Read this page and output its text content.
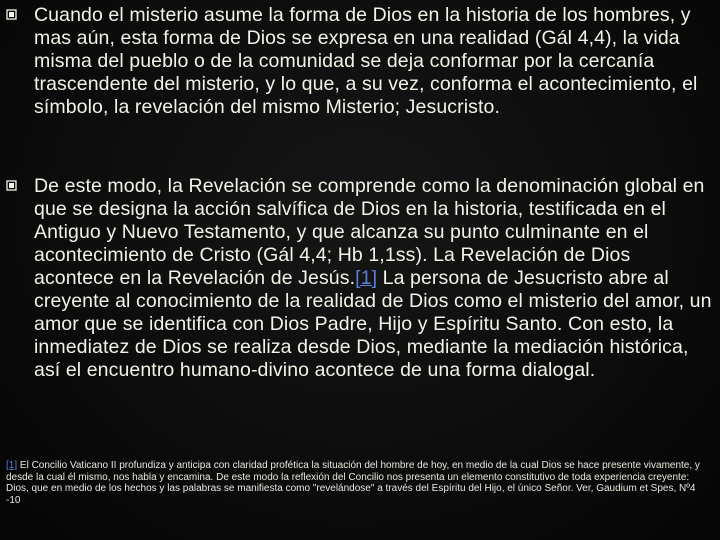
Cuando el misterio asume la forma de Dios en la historia de los hombres, y mas aún, esta forma de Dios se expresa en una realidad (Gál 4,4), la vida misma del pueblo o de la comunidad se deja conformar por la cercanía trascendente del misterio, y lo que, a su vez, conforma el acontecimiento, el símbolo, la revelación del mismo Misterio; Jesucristo.

De este modo, la Revelación se comprende como la denominación global en que se designa la acción salvífica de Dios en la historia, testificada en el Antiguo y Nuevo Testamento, y que alcanza su punto culminante en el acontecimiento de Cristo (Gál 4,4; Hb 1,1ss). La Revelación de Dios acontece en la Revelación de Jesús.[1] La persona de Jesucristo abre al creyente al conocimiento de la realidad de Dios como el misterio del amor, un amor que se identifica con Dios Padre, Hijo y Espíritu Santo. Con esto, la inmediatez de Dios se realiza desde Dios, mediante la mediación histórica, así el encuentro humano-divino acontece de una forma dialogal.

[1] El Concilio Vaticano II profundiza y anticipa con claridad profética la situación del hombre de hoy, en medio de la cual Dios se hace presente vivamente, y desde la cual él mismo, nos habla y encamina. De este modo la reflexión del Concilio nos presenta un elemento constitutivo de toda experiencia creyente: Dios, que en medio de los hechos y las palabras se manifiesta como "revelándose" a través del Espíritu del Hijo, el único Señor. Ver, Gaudium et Spes, Nº4 -10
